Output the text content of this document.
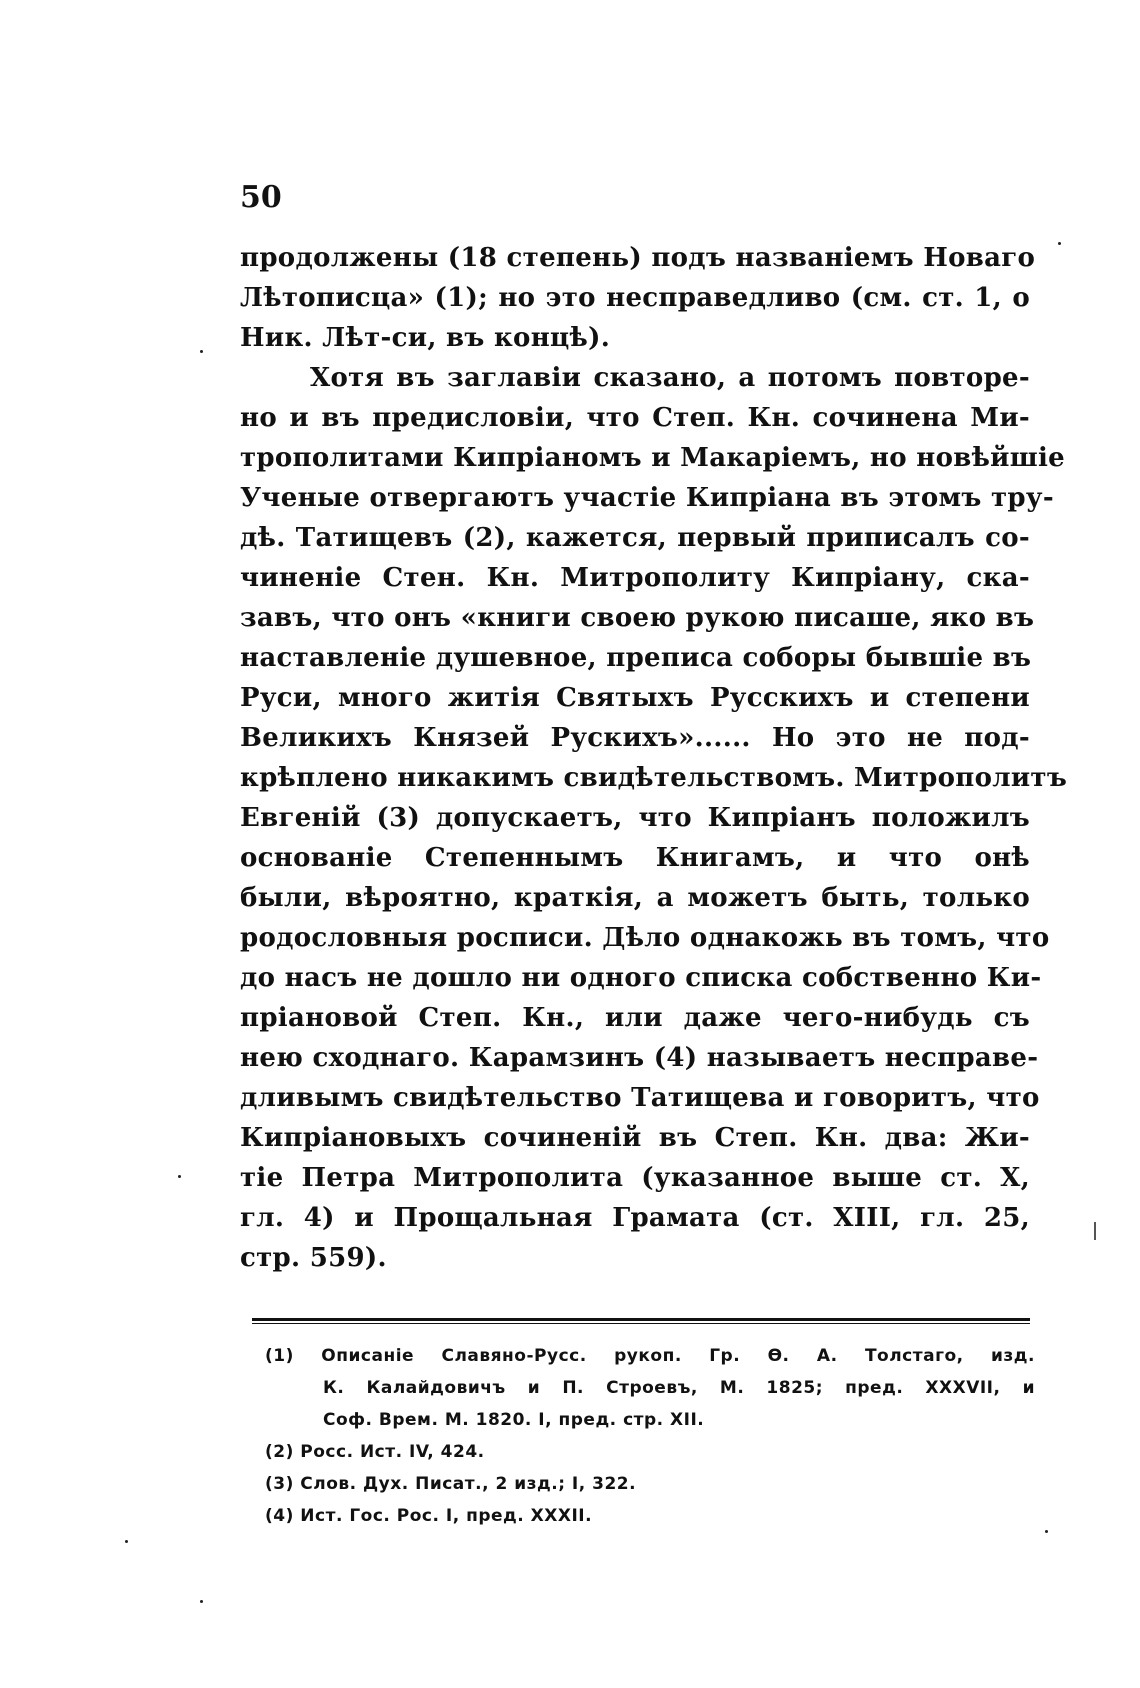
50
продолжены (18 степень) подъ названіемъ Новаго
Лѣтописца» (1); но это несправедливо (см. ст. 1, о
Ник. Лѣт-си, въ концѣ).
Хотя въ заглавіи сказано, а потомъ повторе-
но и въ предисловіи, что Степ. Кн. сочинена Ми-
трополитами Кипріаномъ и Макаріемъ, но новѣйшіе
Ученые отвергаютъ участіе Кипріана въ этомъ тру-
дѣ. Татищевъ (2), кажется, первый приписалъ со-
чиненіе Стен. Кн. Митрополиту Кипріану, ска-
завъ, что онъ «книги своею рукою писаше, яко въ
наставленіе душевное, преписа соборы бывшіе въ
Руси, много житія Святыхъ Русскихъ и степени
Великихъ Князей Рускихъ»...... Но это не под-
крѣплено никакимъ свидѣтельствомъ. Митрополитъ
Евгеній (3) допускаетъ, что Кипріанъ положилъ
основаніе Степеннымъ Книгамъ, и что онѣ
были, вѣроятно, краткія, а можетъ быть, только
родословныя росписи. Дѣло однакожь въ томъ, что
до насъ не дошло ни одного списка собственно Ки-
пріановой Степ. Кн., или даже чего-нибудь съ
нею сходнаго. Карамзинъ (4) называетъ несправе-
дливымъ свидѣтельство Татищева и говоритъ, что
Кипріановыхъ сочиненій въ Степ. Кн. два: Жи-
тіе Петра Митрополита (указанное выше ст. X,
гл. 4) и Прощальная Грамата (ст. XIII, гл. 25,
стр. 559).
(1) Описаніе Славяно-Русс. рукоп. Гр. Ѳ. А. Толстаго, изд.
К. Калайдовичъ и П. Строевъ, М. 1825; пред. XXXVII, и
Соф. Врем. М. 1820. I, пред. стр. XII.
(2) Росс. Ист. IV, 424.
(3) Слов. Дух. Писат., 2 изд.; I, 322.
(4) Ист. Гос. Рос. I, пред. XXXII.
